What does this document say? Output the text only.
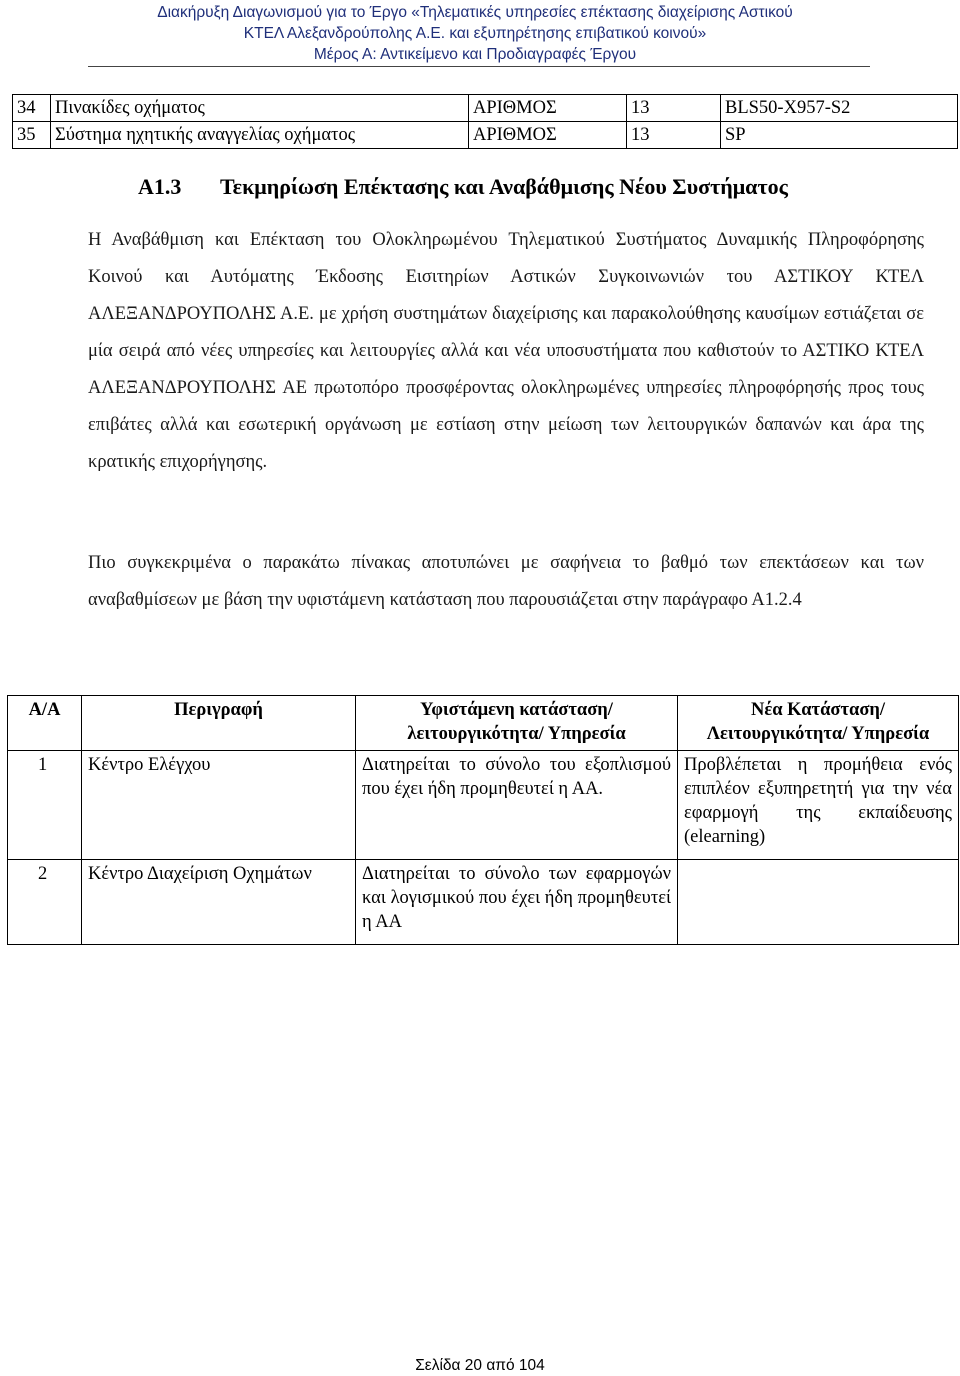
Διακήρυξη Διαγωνισμού για το Έργο «Τηλεματικές υπηρεσίες επέκτασης διαχείρισης Αστικού
ΚΤΕΛ Αλεξανδρούπολης Α.Ε. και εξυπηρέτησης επιβατικού κοινού»
Μέρος Α: Αντικείμενο και Προδιαγραφές Έργου
34	Πινακίδες οχήματος	ΑΡΙΘΜΟΣ	13	BLS50-X957-S2
35	Σύστημα ηχητικής αναγγελίας οχήματος	ΑΡΙΘΜΟΣ	13	SP
Α1.3 Τεκμηρίωση Επέκτασης και Αναβάθμισης Νέου Συστήματος

Η Αναβάθμιση και Επέκταση του Ολοκληρωμένου Τηλεματικού Συστήματος Δυναμικής Πληροφόρησης Κοινού και Αυτόματης Έκδοσης Εισιτηρίων Αστικών Συγκοινωνιών του ΑΣΤΙΚΟΥ ΚΤΕΛ ΑΛΕΞΑΝΔΡΟΥΠΟΛΗΣ Α.Ε. με χρήση συστημάτων διαχείρισης και παρακολούθησης καυσίμων εστιάζεται σε μία σειρά από νέες υπηρεσίες και λειτουργίες αλλά και νέα υποσυστήματα που καθιστούν το ΑΣΤΙΚΟ ΚΤΕΛ ΑΛΕΞΑΝΔΡΟΥΠΟΛΗΣ ΑΕ πρωτοπόρο προσφέροντας ολοκληρωμένες υπηρεσίες πληροφόρησής προς τους επιβάτες αλλά και εσωτερική οργάνωση με εστίαση στην μείωση των λειτουργικών δαπανών και άρα της κρατικής επιχορήγησης.

Πιο συγκεκριμένα ο παρακάτω πίνακας αποτυπώνει με σαφήνεια το βαθμό των επεκτάσεων και των αναβαθμίσεων με βάση την υφιστάμενη κατάσταση που παρουσιάζεται στην παράγραφο Α1.2.4

Α/Α	Περιγραφή	Υφιστάμενη κατάσταση/ λειτουργικότητα/ Υπηρεσία	Νέα Κατάσταση/ Λειτουργικότητα/ Υπηρεσία
1	Κέντρο Ελέγχου	Διατηρείται το σύνολο του εξοπλισμού που έχει ήδη προμηθευτεί η ΑΑ.	Προβλέπεται η προμήθεια ενός επιπλέον εξυπηρετητή για την νέα εφαρμογή της εκπαίδευσης (elearning)
2	Κέντρο Διαχείριση Οχημάτων	Διατηρείται το σύνολο των εφαρμογών και λογισμικού που έχει ήδη προμηθευτεί η ΑΑ	
Σελίδα 20 από 104
